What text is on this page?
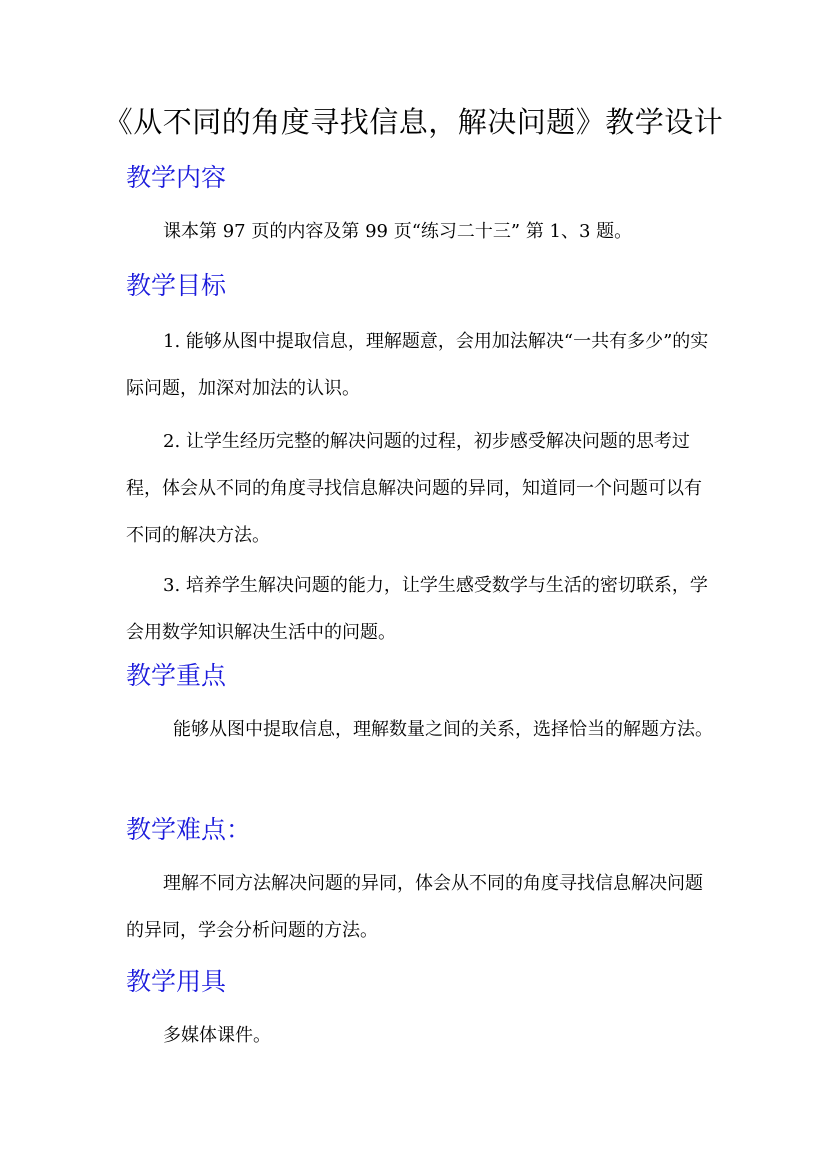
《从不同的角度寻找信息，解决问题》教学设计
教学内容

课本第 97 页的内容及第 99 页“练习二十三” 第 1、3 题。

教学目标

1. 能够从图中提取信息，理解题意，会用加法解决“一共有多少”的实际问题，加深对加法的认识。

2. 让学生经历完整的解决问题的过程，初步感受解决问题的思考过程，体会从不同的角度寻找信息解决问题的异同，知道同一个问题可以有不同的解决方法。

3. 培养学生解决问题的能力，让学生感受数学与生活的密切联系，学会用数学知识解决生活中的问题。

教学重点

能够从图中提取信息，理解数量之间的关系，选择恰当的解题方法。

教学难点：

理解不同方法解决问题的异同，体会从不同的角度寻找信息解决问题的异同，学会分析问题的方法。

教学用具

多媒体课件。
